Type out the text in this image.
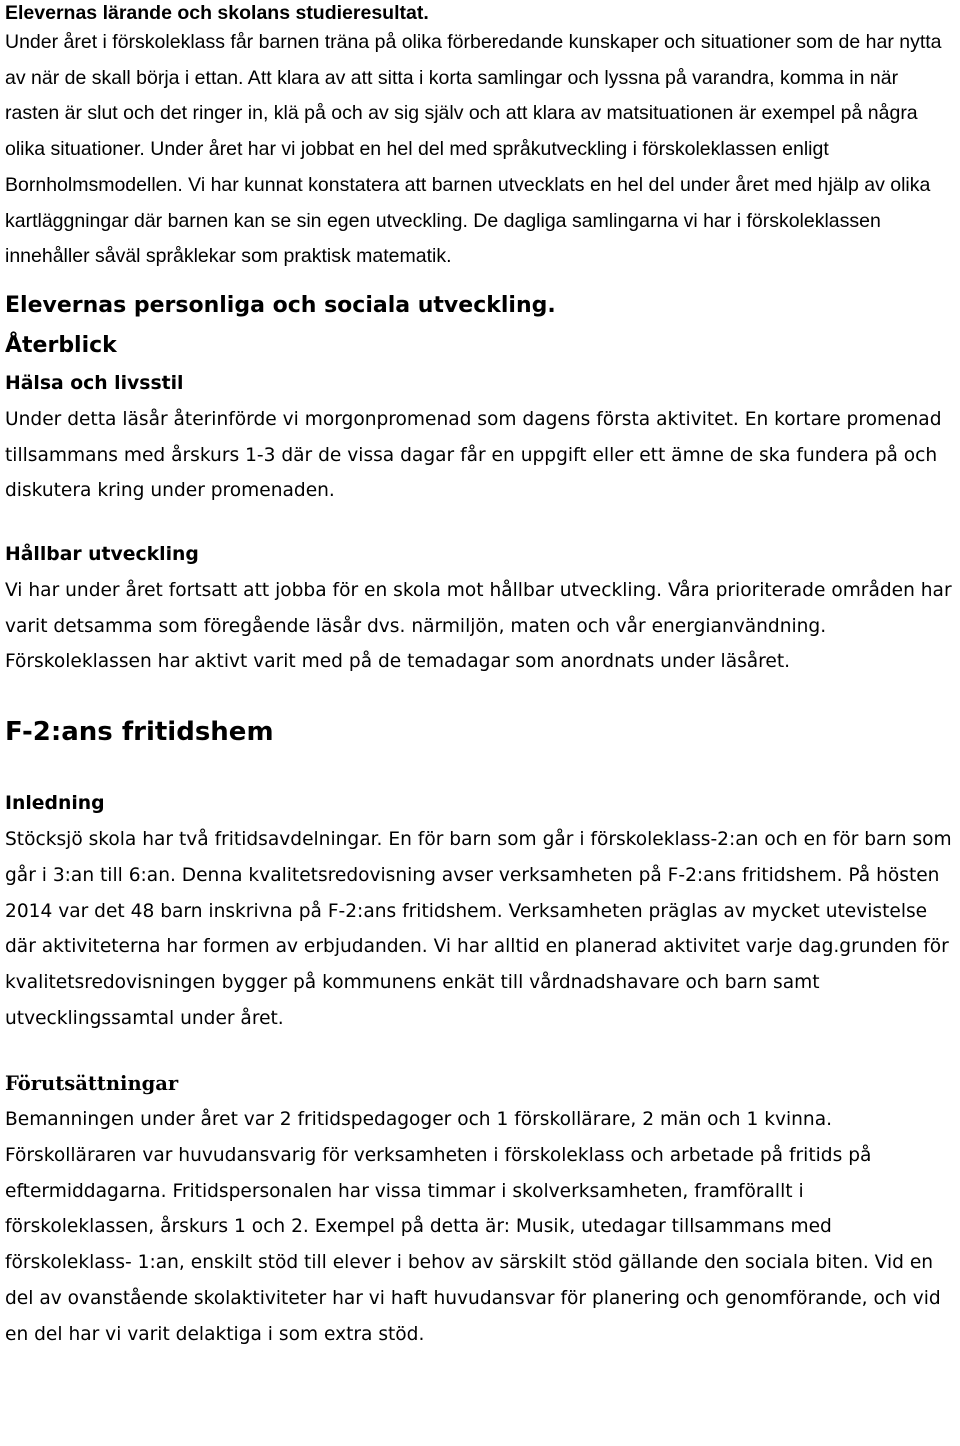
Elevernas lärande och skolans studieresultat.
Under året i förskoleklass får barnen träna på olika förberedande kunskaper och situationer som de har nytta av när de skall börja i ettan. Att klara av att sitta i korta samlingar och lyssna på varandra, komma in när rasten är slut och det ringer in, klä på och av sig själv och att klara av matsituationen är exempel på några olika situationer. Under året har vi jobbat en hel del med språkutveckling i förskoleklassen enligt Bornholmsmodellen. Vi har kunnat konstatera att barnen utvecklats en hel del under året med hjälp av olika kartläggningar där barnen kan se sin egen utveckling. De dagliga samlingarna vi har i förskoleklassen innehåller såväl språklekar som praktisk matematik.
Elevernas personliga och sociala utveckling.
Återblick
Hälsa och livsstil
Under detta läsår återinförde vi morgonpromenad som dagens första aktivitet. En kortare promenad tillsammans med årskurs 1-3 där de vissa dagar får en uppgift eller ett ämne de ska fundera på och diskutera kring under promenaden.
Hållbar utveckling
Vi har under året fortsatt att jobba för en skola mot hållbar utveckling. Våra prioriterade områden har varit detsamma som föregående läsår dvs. närmiljön, maten och vår energianvändning. Förskoleklassen har aktivt varit med på de temadagar som anordnats under läsåret.
F-2:ans fritidshem
Inledning
Stöcksjö skola har två fritidsavdelningar. En för barn som går i förskoleklass-2:an och en för barn som går i 3:an till 6:an. Denna kvalitetsredovisning avser verksamheten på F-2:ans fritidshem. På hösten 2014 var det 48 barn inskrivna på F-2:ans fritidshem. Verksamheten präglas av mycket utevistelse där aktiviteterna har formen av erbjudanden. Vi har alltid en planerad aktivitet varje dag.grunden för kvalitetsredovisningen bygger på kommunens enkät till vårdnadshavare och barn samt utvecklingssamtal under året.
Förutsättningar
Bemanningen under året var 2 fritidspedagoger och 1 förskollärare, 2 män och 1 kvinna. Förskolläraren var huvudansvarig för verksamheten i förskoleklass och arbetade på fritids på eftermiddagarna. Fritidspersonalen har vissa timmar i skolverksamheten, framförallt i förskoleklassen, årskurs 1 och 2. Exempel på detta är: Musik, utedagar tillsammans med förskoleklass- 1:an, enskilt stöd till elever i behov av särskilt stöd gällande den sociala biten. Vid en del av ovanstående skolaktiviteter har vi haft huvudansvar för planering och genomförande, och vid en del har vi varit delaktiga i som extra stöd.
